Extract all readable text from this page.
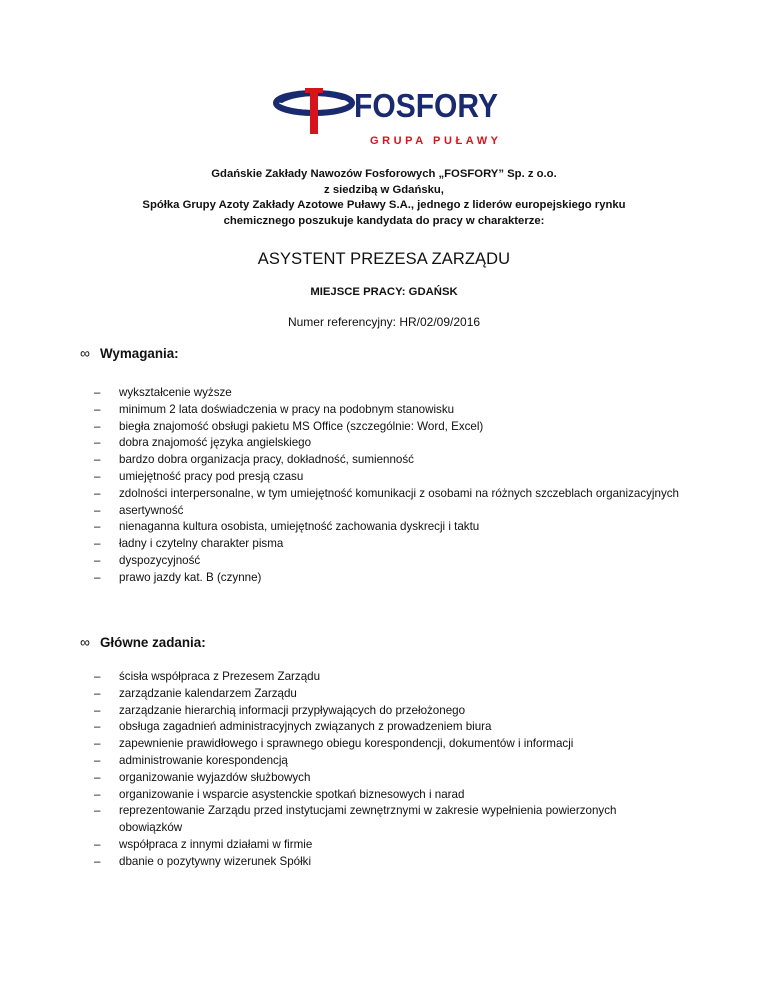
FOSFORY
GRUPA PUŁAWY
Gdańskie Zakłady Nawozów Fosforowych „FOSFORY” Sp. z o.o.
z siedzibą w Gdańsku,
Spółka Grupy Azoty Zakłady Azotowe Puławy S.A., jednego z liderów europejskiego rynku
chemicznego poszukuje kandydata do pracy w charakterze:
ASYSTENT PREZESA ZARZĄDU
MIEJSCE PRACY: GDAŃSK
Numer referencyjny: HR/02/09/2016
∞ Wymagania:
– wykształcenie wyższe
– minimum 2 lata doświadczenia w pracy na podobnym stanowisku
– biegła znajomość obsługi pakietu MS Office (szczególnie: Word, Excel)
– dobra znajomość języka angielskiego
– bardzo dobra organizacja pracy, dokładność, sumienność
– umiejętność pracy pod presją czasu
– zdolności interpersonalne, w tym umiejętność komunikacji z osobami na różnych szczeblach organizacyjnych
– asertywność
– nienaganna kultura osobista, umiejętność zachowania dyskrecji i taktu
– ładny i czytelny charakter pisma
– dyspozycyjność
– prawo jazdy kat. B (czynne)
∞ Główne zadania:
– ścisła współpraca z Prezesem Zarządu
– zarządzanie kalendarzem Zarządu
– zarządzanie hierarchią informacji przypływających do przełożonego
– obsługa zagadnień administracyjnych związanych z prowadzeniem biura
– zapewnienie prawidłowego i sprawnego obiegu korespondencji, dokumentów i informacji
– administrowanie korespondencją
– organizowanie wyjazdów służbowych
– organizowanie i wsparcie asystenckie spotkań biznesowych i narad
– reprezentowanie Zarządu przed instytucjami zewnętrznymi w zakresie wypełnienia powierzonych obowiązków
– współpraca z innymi działami w firmie
– dbanie o pozytywny wizerunek Spółki
